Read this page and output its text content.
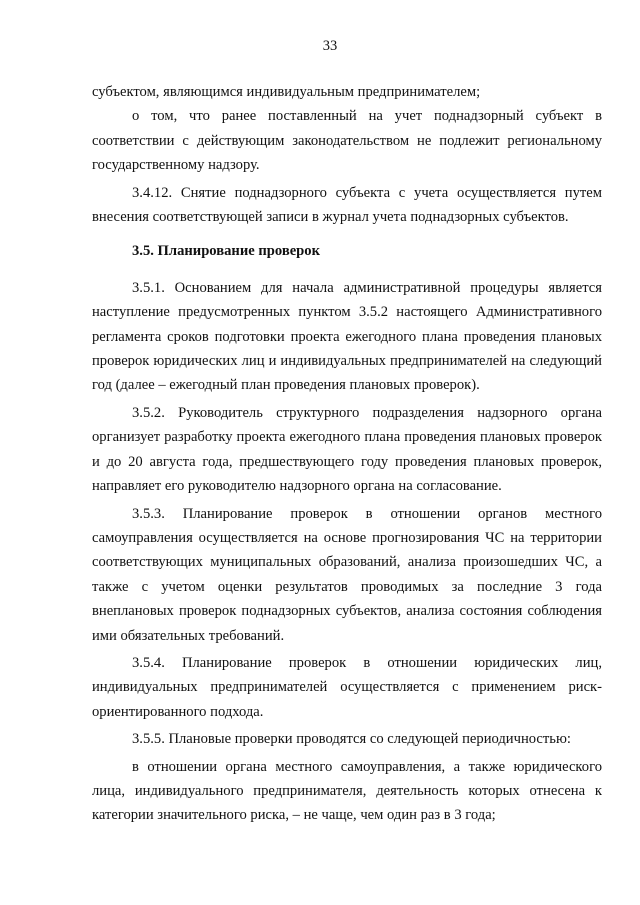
33

субъектом, являющимся индивидуальным предпринимателем;

о том, что ранее поставленный на учет поднадзорный субъект в соответствии с действующим законодательством не подлежит региональному государственному надзору.

3.4.12. Снятие поднадзорного субъекта с учета осуществляется путем внесения соответствующей записи в журнал учета поднадзорных субъектов.

3.5. Планирование проверок

3.5.1. Основанием для начала административной процедуры является наступление предусмотренных пунктом 3.5.2 настоящего Административного регламента сроков подготовки проекта ежегодного плана проведения плановых проверок юридических лиц и индивидуальных предпринимателей на следующий год (далее – ежегодный план проведения плановых проверок).

3.5.2. Руководитель структурного подразделения надзорного органа организует разработку проекта ежегодного плана проведения плановых проверок и до 20 августа года, предшествующего году проведения плановых проверок, направляет его руководителю надзорного органа на согласование.

3.5.3. Планирование проверок в отношении органов местного самоуправления осуществляется на основе прогнозирования ЧС на территории соответствующих муниципальных образований, анализа произошедших ЧС, а также с учетом оценки результатов проводимых за последние 3 года внеплановых проверок поднадзорных субъектов, анализа состояния соблюдения ими обязательных требований.

3.5.4. Планирование проверок в отношении юридических лиц, индивидуальных предпринимателей осуществляется с применением риск-ориентированного подхода.

3.5.5. Плановые проверки проводятся со следующей периодичностью:

в отношении органа местного самоуправления, а также юридического лица, индивидуального предпринимателя, деятельность которых отнесена к категории значительного риска, – не чаще, чем один раз в 3 года;
